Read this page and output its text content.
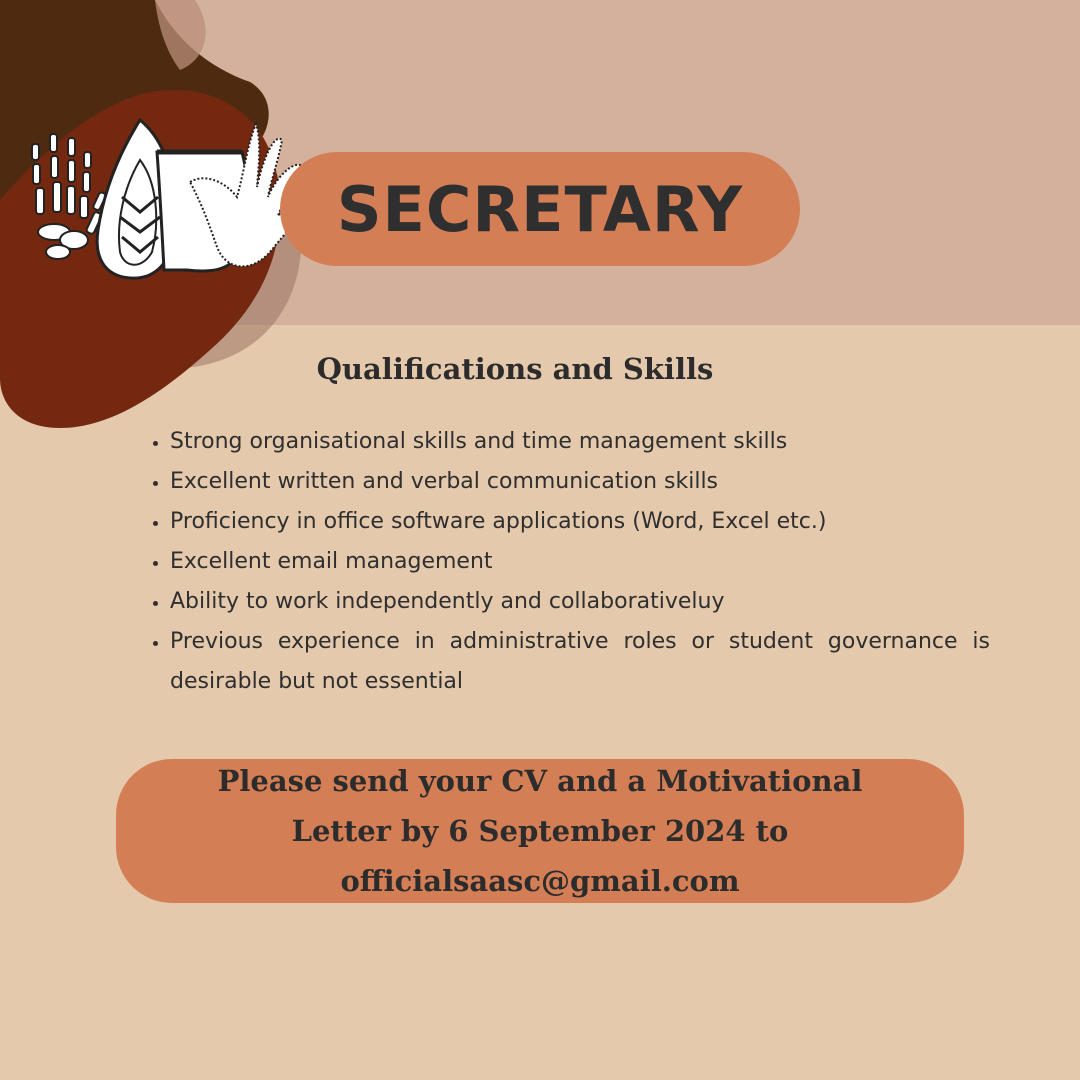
SECRETARY
Qualifications and Skills
• Strong organisational skills and time management skills
• Excellent written and verbal communication skills
• Proficiency in office software applications (Word, Excel etc.)
• Excellent email management
• Ability to work independently and collaborativeluy
• Previous experience in administrative roles or student governance is desirable but not essential
Please send your CV and a Motivational Letter by 6 September 2024 to officialsaasc@gmail.com
